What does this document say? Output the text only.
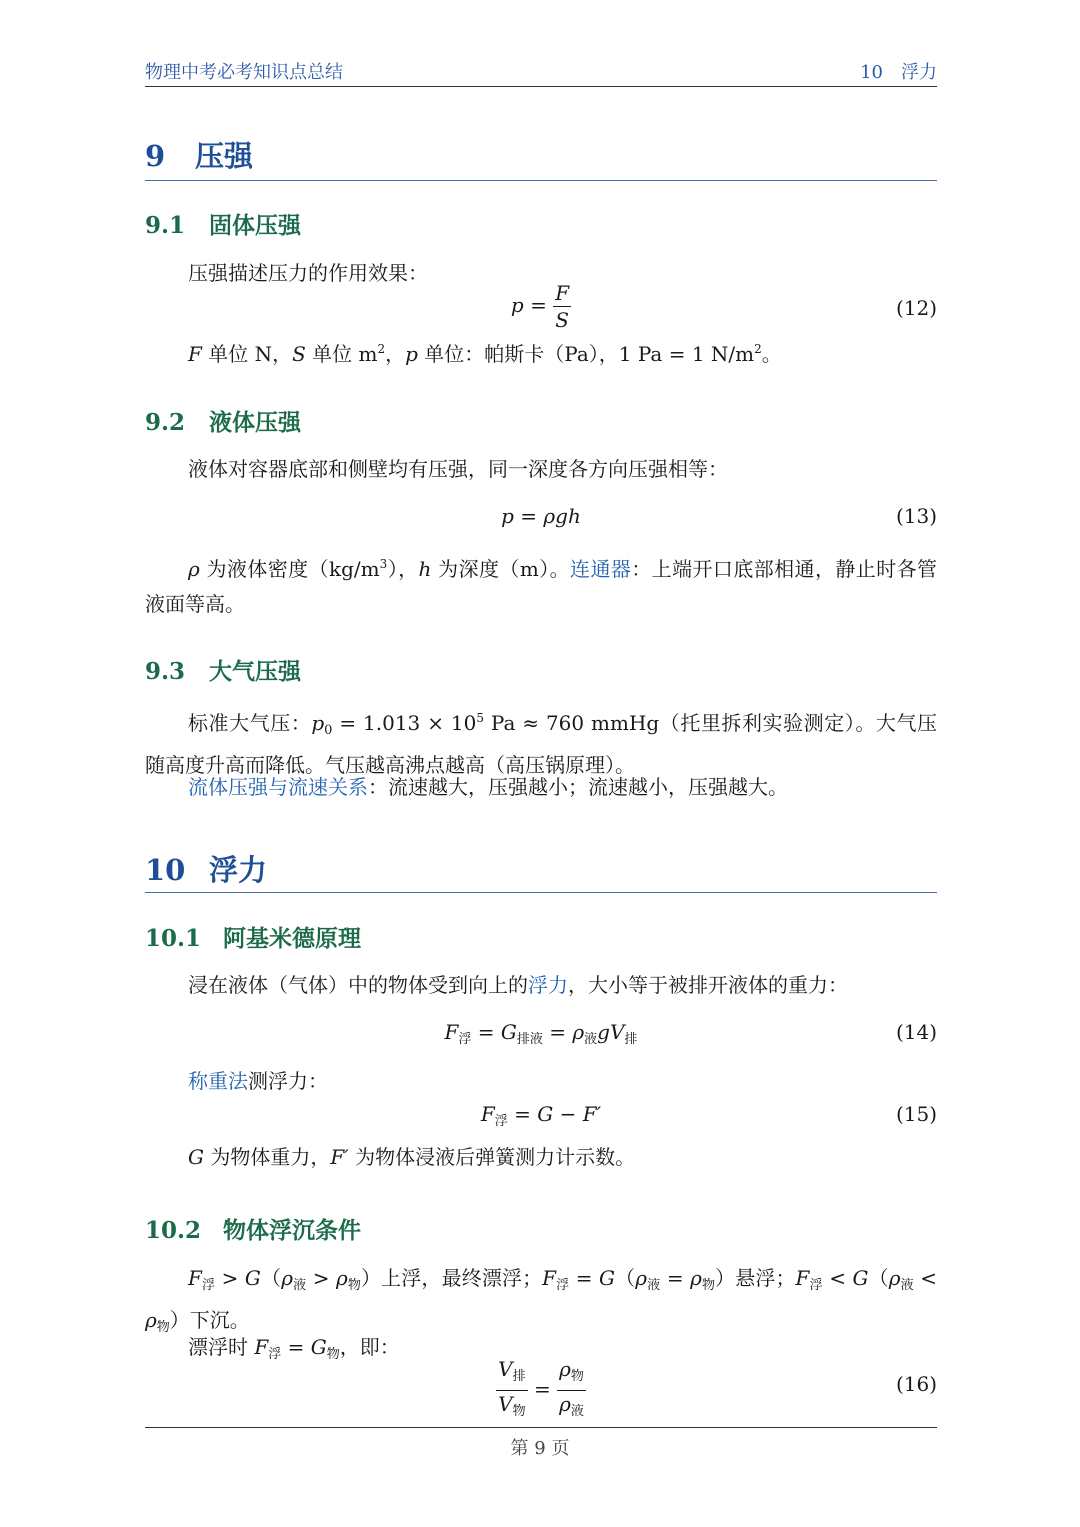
物理中考必考知识点总结	10　浮力
9 压强
9.1 固体压强
压强描述压力的作用效果：
$p = \frac{F}{S}$	(12)
F 单位 N，S 单位 $m^2$，p 单位：帕斯卡（Pa），1 Pa = 1 $N/m^2$。
9.2 液体压强
液体对容器底部和侧壁均有压强，同一深度各方向压强相等：
p = ρgh	(13)
ρ 为液体密度$(kg/m^3)$，h 为深度（m）。连通器：上端开口底部相通，静止时各管液面等高。
9.3 大气压强
标准大气压：$p_0 = 1.013 \times 10^5$ Pa ≈ 760 mmHg（托里拆利实验测定）。大气压随高度升高而降低。气压越高沸点越高（高压锅原理）。
流体压强与流速关系：流速越大，压强越小；流速越小，压强越大。
10 浮力
10.1 阿基米德原理
浸在液体（气体）中的物体受到向上的浮力，大小等于被排开液体的重力：
$F_浮 = G_{排液} = \rho_液gV_排$	(14)
称重法测浮力：
$F_浮 = G - F'$	(15)
G 为物体重力，F′ 为物体浸液后弹簧测力计示数。
10.2 物体浮沉条件
$F_浮 > G(\rho_液 > \rho_物)$上浮，最终漂浮；$F_浮 = G(\rho_液 = \rho_物)$悬浮；$F_浮 < G(\rho_液 < \rho_物)$下沉。
漂浮时 $F_浮 = G_物$，即：
$\frac{V_排}{V_物} = \frac{\rho_物}{\rho_液}$	(16)
第 9 页
